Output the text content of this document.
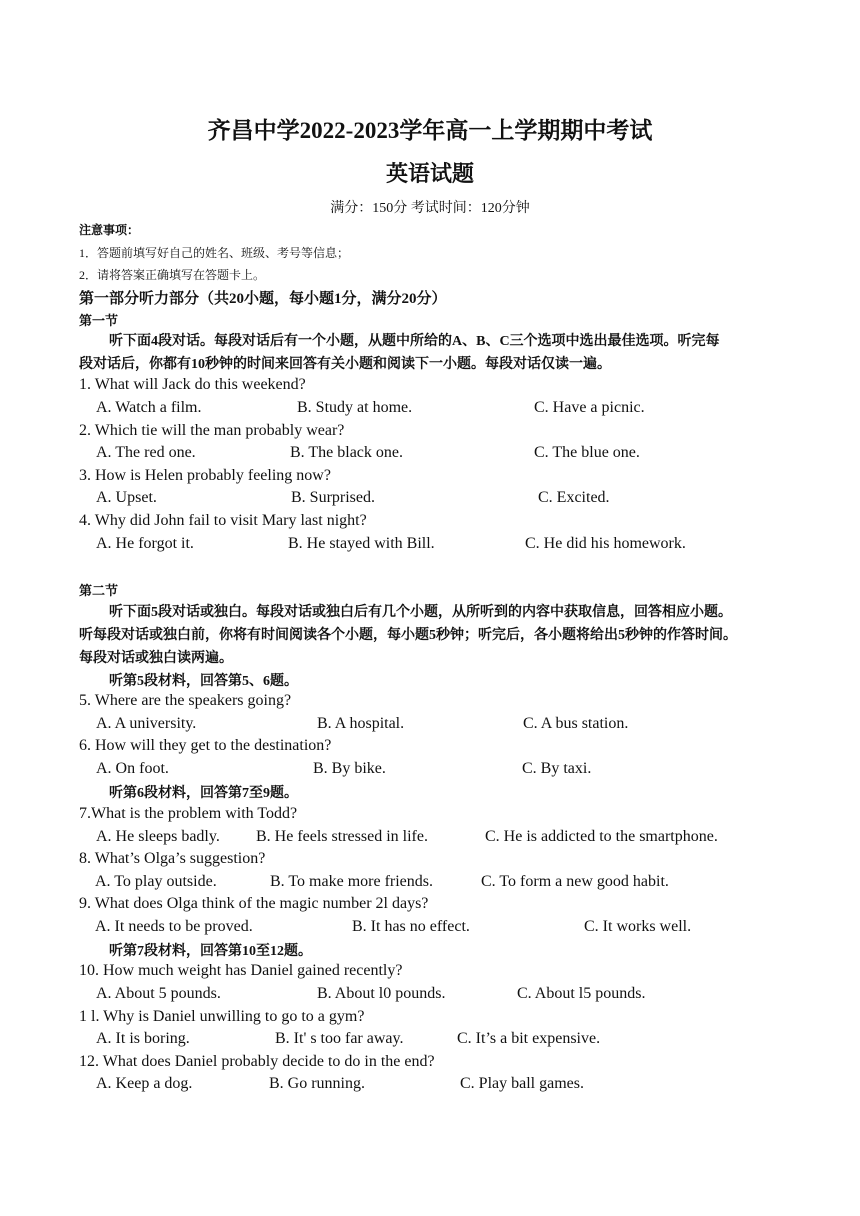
齐昌中学2022-2023学年高一上学期期中考试
英语试题
满分：150分 考试时间：120分钟
注意事项：
1．答题前填写好自己的姓名、班级、考号等信息；
2．请将答案正确填写在答题卡上。
第一部分听力部分（共20小题，每小题1分，满分20分）
第一节
听下面4段对话。每段对话后有一个小题，从题中所给的A、B、C三个选项中选出最佳选项。听完每
段对话后，你都有10秒钟的时间来回答有关小题和阅读下一小题。每段对话仅读一遍。
1. What will Jack do this weekend?
A. Watch a film.	B. Study at home.	C. Have a picnic.
2. Which tie will the man probably wear?
A. The red one.	B. The black one.	C. The blue one.
3. How is Helen probably feeling now?
A. Upset.	B. Surprised.	C. Excited.
4. Why did John fail to visit Mary last night?
A. He forgot it.	B. He stayed with Bill.	C. He did his homework.
第二节
听下面5段对话或独白。每段对话或独白后有几个小题，从所听到的内容中获取信息，回答相应小题。
听每段对话或独白前，你将有时间阅读各个小题，每小题5秒钟；听完后，各小题将给出5秒钟的作答时间。
每段对话或独白读两遍。
听第5段材料，回答第5、6题。
5. Where are the speakers going?
A. A university.	B. A hospital.	C. A bus station.
6. How will they get to the destination?
A. On foot.	B. By bike.	C. By taxi.
听第6段材料，回答第7至9题。
7.What is the problem with Todd?
A. He sleeps badly. B. He feels stressed in life.	C. He is addicted to the smartphone.
8. What’s Olga’s suggestion?
A. To play outside.	B. To make more friends.	C. To form a new good habit.
9. What does Olga think of the magic number 2l days?
A. It needs to be proved.	B. It has no effect.	C. It works well.
听第7段材料，回答第10至12题。
10. How much weight has Daniel gained recently?
A. About 5 pounds.	B. About l0 pounds.	C. About l5 pounds.
1 l. Why is Daniel unwilling to go to a gym?
A. It is boring.	B. It' s too far away.	C. It’s a bit expensive.
12. What does Daniel probably decide to do in the end?
A. Keep a dog.	B. Go running.	C. Play ball games.
